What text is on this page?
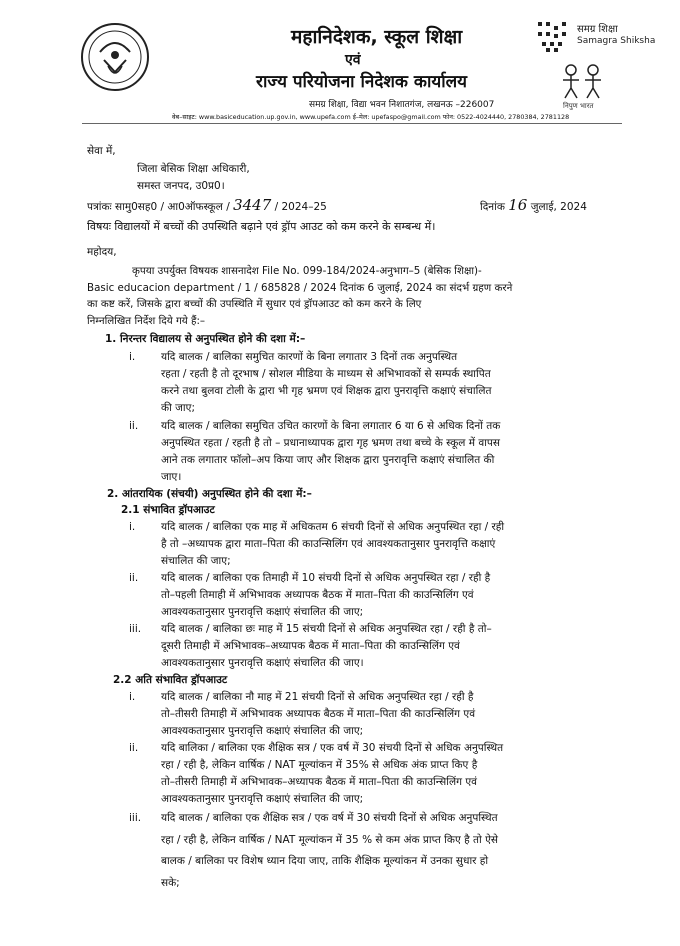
महानिदेशक, स्कूल शिक्षा
एवं
राज्य परियोजना निदेशक कार्यालय
समग्र शिक्षा, विद्या भवन निशातगंज, लखनऊ –226007
वेब–साइट: www.basiceducation.up.gov.in, www.upefa.com ई–मेल: upefaspo@gmail.com फोन: 0522-4024440, 2780384, 2781128
समग्र शिक्षा
Samagra Shikshа
निपुण भारत
सेवा में,
जिला बेसिक शिक्षा अधिकारी,
समस्त जनपद, उ0प्र0।
पत्रांकः सामु0सह0 / आ0ऑफस्कूल / 3447 / 2024–25	दिनांक 16 जुलाई, 2024
विषयः विद्यालयों में बच्चों की उपस्थिति बढ़ाने एवं ड्रॉप आउट को कम करने के सम्बन्ध में।
महोदय,
कृपया उपर्युक्त विषयक शासनादेश File No. 099-184/2024-अनुभाग–5 (बेसिक शिक्षा)-
Basic educacion department / 1 / 685828 / 2024 दिनांक 6 जुलाई, 2024 का संदर्भ ग्रहण करने
का कष्ट करें, जिसके द्वारा बच्चों की उपस्थिति में सुधार एवं ड्रॉपआउट को कम करने के लिए
निम्नलिखित निर्देश दिये गये हैं:–
1. निरन्तर विद्यालय से अनुपस्थित होने की दशा में:–
i. यदि बालक / बालिका समुचित कारणों के बिना लगातार 3 दिनों तक अनुपस्थित
रहता / रहती है तो दूरभाष / सोशल मीडिया के माध्यम से अभिभावकों से सम्पर्क स्थापित
करने तथा बुलवा टोली के द्वारा भी गृह भ्रमण एवं शिक्षक द्वारा पुनरावृत्ति कक्षाएं संचालित
की जाए;
ii. यदि बालक / बालिका समुचित उचित कारणों के बिना लगातार 6 या 6 से अधिक दिनों तक
अनुपस्थित रहता / रहती है तो – प्रधानाध्यापक द्वारा गृह भ्रमण तथा बच्चे के स्कूल में वापस
आने तक लगातार फॉलो–अप किया जाए और शिक्षक द्वारा पुनरावृत्ति कक्षाएं संचालित की
जाए।
2. आंतरायिक (संचयी) अनुपस्थित होने की दशा में:–
2.1 संभावित ड्रॉपआउट
i. यदि बालक / बालिका एक माह में अधिकतम 6 संचयी दिनों से अधिक अनुपस्थित रहा / रही
है तो –अध्यापक द्वारा माता–पिता की काउन्सिलिंग एवं आवश्यकतानुसार पुनरावृत्ति कक्षाएं
संचालित की जाए;
ii. यदि बालक / बालिका एक तिमाही में 10 संचयी दिनों से अधिक अनुपस्थित रहा / रही है
तो–पहली तिमाही में अभिभावक अध्यापक बैठक में माता–पिता की काउन्सिलिंग एवं
आवश्यकतानुसार पुनरावृत्ति कक्षाएं संचालित की जाए;
iii. यदि बालक / बालिका छः माह में 15 संचयी दिनों से अधिक अनुपस्थित रहा / रही है तो–
दूसरी तिमाही में अभिभावक–अध्यापक बैठक में माता–पिता की काउन्सिलिंग एवं
आवश्यकतानुसार पुनरावृत्ति कक्षाएं संचालित की जाए।
2.2 अति संभावित ड्रॉपआउट
i. यदि बालक / बालिका नौ माह में 21 संचयी दिनों से अधिक अनुपस्थित रहा / रही है
तो–तीसरी तिमाही में अभिभावक अध्यापक बैठक में माता–पिता की काउन्सिलिंग एवं
आवश्यकतानुसार पुनरावृत्ति कक्षाएं संचालित की जाए;
ii. यदि बालिका / बालिका एक शैक्षिक सत्र / एक वर्ष में 30 संचयी दिनों से अधिक अनुपस्थित
रहा / रही है, लेकिन वार्षिक / NAT मूल्यांकन में 35% से अधिक अंक प्राप्त किए है
तो–तीसरी तिमाही में अभिभावक–अध्यापक बैठक में माता–पिता की काउन्सिलिंग एवं
आवश्यकतानुसार पुनरावृत्ति कक्षाएं संचालित की जाए;
iii. यदि बालक / बालिका एक शैक्षिक सत्र / एक वर्ष में 30 संचयी दिनों से अधिक अनुपस्थित
रहा / रही है, लेकिन वार्षिक / NAT मूल्यांकन में 35 % से कम अंक प्राप्त किए है तो ऐसे
बालक / बालिका पर विशेष ध्यान दिया जाए, ताकि शैक्षिक मूल्यांकन में उनका सुधार हो
सके;
